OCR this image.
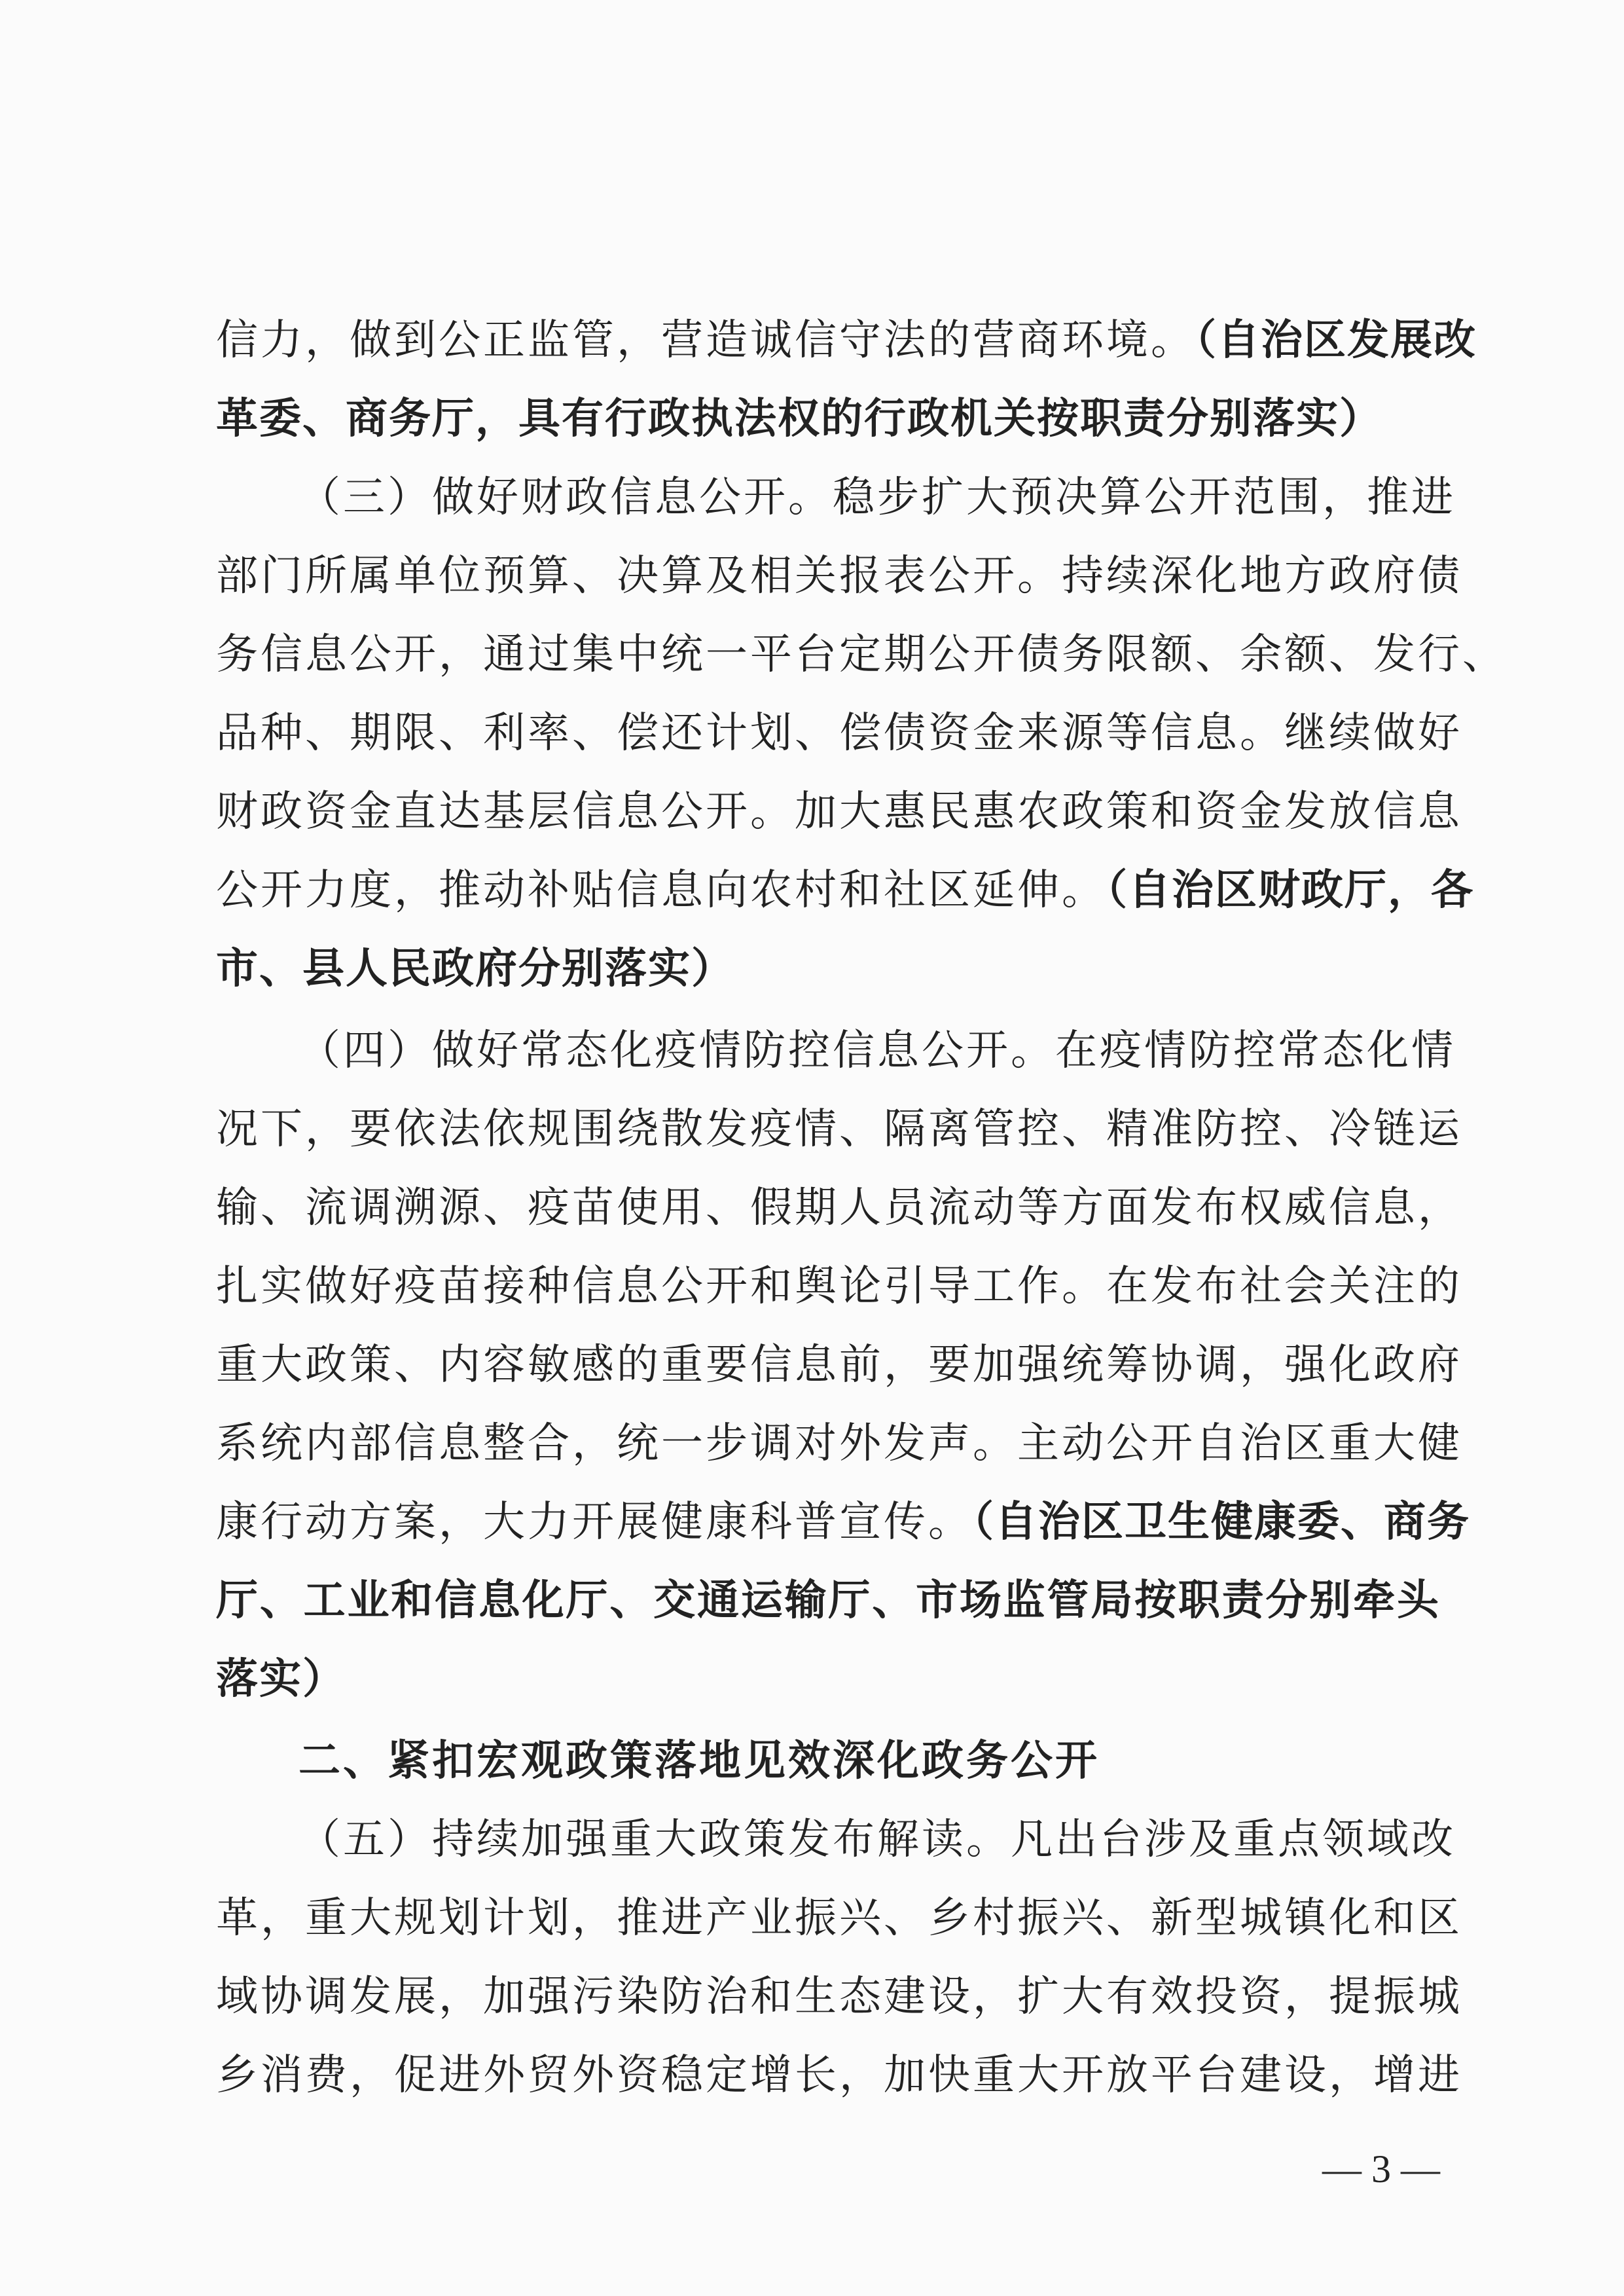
信力，做到公正监管，营造诚信守法的营商环境。（自治区发展改
革委、商务厅，具有行政执法权的行政机关按职责分别落实）
（三）做好财政信息公开。稳步扩大预决算公开范围，推进
部门所属单位预算、决算及相关报表公开。持续深化地方政府债
务信息公开，通过集中统一平台定期公开债务限额、余额、发行、
品种、期限、利率、偿还计划、偿债资金来源等信息。继续做好
财政资金直达基层信息公开。加大惠民惠农政策和资金发放信息
公开力度，推动补贴信息向农村和社区延伸。（自治区财政厅，各
市、县人民政府分别落实）
（四）做好常态化疫情防控信息公开。在疫情防控常态化情
况下，要依法依规围绕散发疫情、隔离管控、精准防控、冷链运
输、流调溯源、疫苗使用、假期人员流动等方面发布权威信息，
扎实做好疫苗接种信息公开和舆论引导工作。在发布社会关注的
重大政策、内容敏感的重要信息前，要加强统筹协调，强化政府
系统内部信息整合，统一步调对外发声。主动公开自治区重大健
康行动方案，大力开展健康科普宣传。（自治区卫生健康委、商务
厅、工业和信息化厅、交通运输厅、市场监管局按职责分别牵头
落实）
二、紧扣宏观政策落地见效深化政务公开
（五）持续加强重大政策发布解读。凡出台涉及重点领域改
革，重大规划计划，推进产业振兴、乡村振兴、新型城镇化和区
域协调发展，加强污染防治和生态建设，扩大有效投资，提振城
乡消费，促进外贸外资稳定增长，加快重大开放平台建设，增进
— 3 —
